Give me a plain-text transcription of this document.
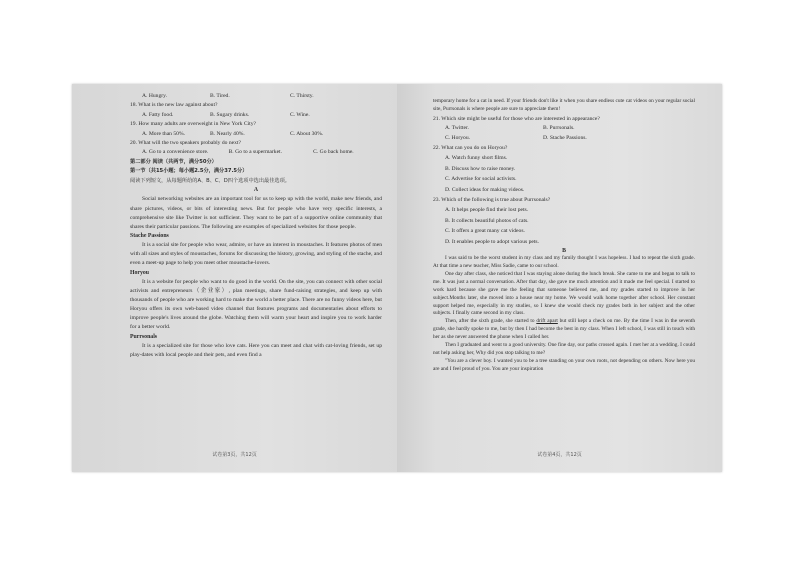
A. Hungry.	B. Tired.	C. Thirsty.
18. What is the new law against about?
A. Fatty food.	B. Sugary drinks.	C. Wine.
19. How many adults are overweight in New York City?
A. More than 50%.	B. Nearly 40%.	C. About 30%.
20. What will the two speakers probably do next?
A. Go to a convenience store.	B. Go to a supermarket.	C. Go back home.
第二部分 阅读（共两节，满分50分）
第一节（共15小题；每小题2.5分，满分37.5分）
阅读下列短文，从每题所给的A、B、C、D四个选项中选出最佳选项。
A
Social networking websites are an important tool for us to keep up with the world, make new friends, and share pictures, videos, or bits of interesting news. But for people who have very specific interests, a comprehensive site like Twitter is not sufficient. They want to be part of a supportive online community that shares their particular passions. The following are examples of specialized websites for those people.
Stache Passions
It is a social site for people who wear, admire, or have an interest in moustaches. It features photos of men with all sizes and styles of moustaches, forums for discussing the history, growing, and styling of the stache, and even a meet-up page to help you meet other moustache-lovers.
Horyou
It is a website for people who want to do good in the world. On the site, you can connect with other social activists and entrepreneurs（企业家）, plan meetings, share fund-raising strategies, and keep up with thousands of people who are working hard to make the world a better place. There are no funny videos here, but Horyou offers its own web-based video channel that features programs and documentaries about efforts to improve people's lives around the globe. Watching them will warm your heart and inspire you to work harder for a better world.
Purrsonals
It is a specialized site for those who love cats. Here you can meet and chat with cat-loving friends, set up play-dates with local people and their pets, and even find a
试卷第3页，共12页
temporary home for a cat in need. If your friends don't like it when you share endless cute cat videos on your regular social site, Purrsonals is where people are sure to appreciate them!
21. Which site might be useful for those who are interested in appearance?
A. Twitter.	B. Purrsonals.
C. Horyou.	D. Stache Passions.
22. What can you do on Horyou?
A. Watch funny short films.
B. Discuss how to raise money.
C. Advertise for social activists.
D. Collect ideas for making videos.
23. Which of the following is true about Purrsonals?
A. It helps people find their lost pets.
B. It collects beautiful photos of cats.
C. It offers a great many cat videos.
D. It enables people to adopt various pets.
B
I was said to be the worst student in my class and my family thought I was hopeless. I had to repeat the sixth grade. At that time a new teacher, Miss Sadie, came to our school.
One day after class, she noticed that I was staying alone during the lunch break. She came to me and began to talk to me. It was just a normal conversation. After that day, she gave me much attention and it made me feel special. I started to work hard because she gave me the feeling that someone believed me, and my grades started to improve in her subject.Months later, she moved into a house near my home. We would walk home together after school. Her constant support helped me, especially in my studies, so I knew she would check my grades both in her subject and the other subjects. I finally came second in my class.
Then, after the sixth grade, she started to drift apart but still kept a check on me. By the time I was in the seventh grade, she hardly spoke to me, but by then I had become the best in my class. When I left school, I was still in touch with her as she never answered the phone when I called her.
Then I graduated and went to a good university. One fine day, our paths crossed again. I met her at a wedding. I could not help asking her, Why did you stop talking to me?
"You are a clever boy. I wanted you to be a tree standing on your own roots, not depending on others. Now here you are and I feel proud of you. You are your inspiration
试卷第4页，共12页
